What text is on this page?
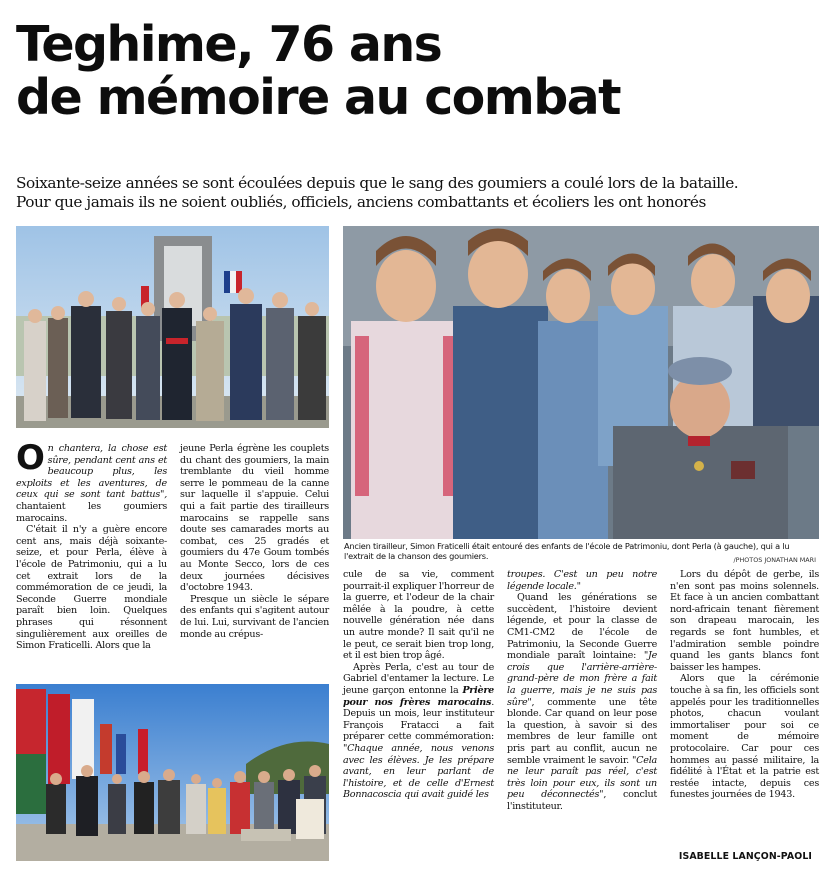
Teghime, 76 ans
de mémoire au combat
Soixante-seize années se sont écoulées depuis que le sang des goumiers a coulé lors de la bataille.
Pour que jamais ils ne soient oubliés, officiels, anciens combattants et écoliers les ont honorés
Ancien tirailleur, Simon Fraticelli était entouré des enfants de l'école de Patrimoniu, dont Perla (à gauche), qui a lu l'extrait de la chanson des goumiers.	/PHOTOS JONATHAN MARI

On chantera, la chose est sûre, pendant cent ans et beaucoup plus, les exploits et les aventures, de ceux qui se sont tant battus", chantaient les goumiers marocains.

C'était il n'y a guère encore cent ans, mais déjà soixante-seize, et pour Perla, élève à l'école de Patrimoniu, qui a lu cet extrait lors de la commémoration de ce jeudi, la Seconde Guerre mondiale paraît bien loin. Quelques phrases qui résonnent singulièrement aux oreilles de Simon Fraticelli. Alors que la

jeune Perla égrène les couplets du chant des goumiers, la main tremblante du vieil homme serre le pommeau de la canne sur laquelle il s'appuie. Celui qui a fait partie des tirailleurs marocains se rappelle sans doute ses camarades morts au combat, ces 25 gradés et goumiers du 47e Goum tombés au Monte Secco, lors de ces deux journées décisives d'octobre 1943.

Presque un siècle le sépare des enfants qui s'agitent autour de lui. Lui, survivant de l'ancien monde au crépus-

cule de sa vie, comment pourrait-il expliquer l'horreur de la guerre, et l'odeur de la chair mêlée à la poudre, à cette nouvelle génération née dans un autre monde? Il sait qu'il ne le peut, ce serait bien trop long, et il est bien trop âgé.

Après Perla, c'est au tour de Gabriel d'entamer la lecture. Le jeune garçon entonne la Prière pour nos frères marocains. Depuis un mois, leur instituteur François Fratacci a fait préparer cette commémoration: "Chaque année, nous venons avec les élèves. Je les prépare avant, en leur parlant de l'histoire, et de celle d'Ernest Bonnacoscia qui avait guidé les

troupes. C'est un peu notre légende locale."

Quand les générations se succèdent, l'histoire devient légende, et pour la classe de CM1-CM2 de l'école de Patrimoniu, la Seconde Guerre mondiale paraît lointaine: "Je crois que l'arrière-arrière-grand-père de mon frère a fait la guerre, mais je ne suis pas sûre", commente une tête blonde. Car quand on leur pose la question, à savoir si des membres de leur famille ont pris part au conflit, aucun ne semble vraiment le savoir. "Cela ne leur paraît pas réel, c'est très loin pour eux, ils sont un peu déconnectés", conclut l'instituteur.

Lors du dépôt de gerbe, ils n'en sont pas moins solennels. Et face à un ancien combattant nord-africain tenant fièrement son drapeau marocain, les regards se font humbles, et l'admiration semble poindre quand les gants blancs font baisser les hampes.

Alors que la cérémonie touche à sa fin, les officiels sont appelés pour les traditionnelles photos, chacun voulant immortaliser pour soi ce moment de mémoire protocolaire. Car pour ces hommes au passé militaire, la fidélité à l'État et la patrie est restée intacte, depuis ces funestes journées de 1943.

ISABELLE LANÇON-PAOLI
